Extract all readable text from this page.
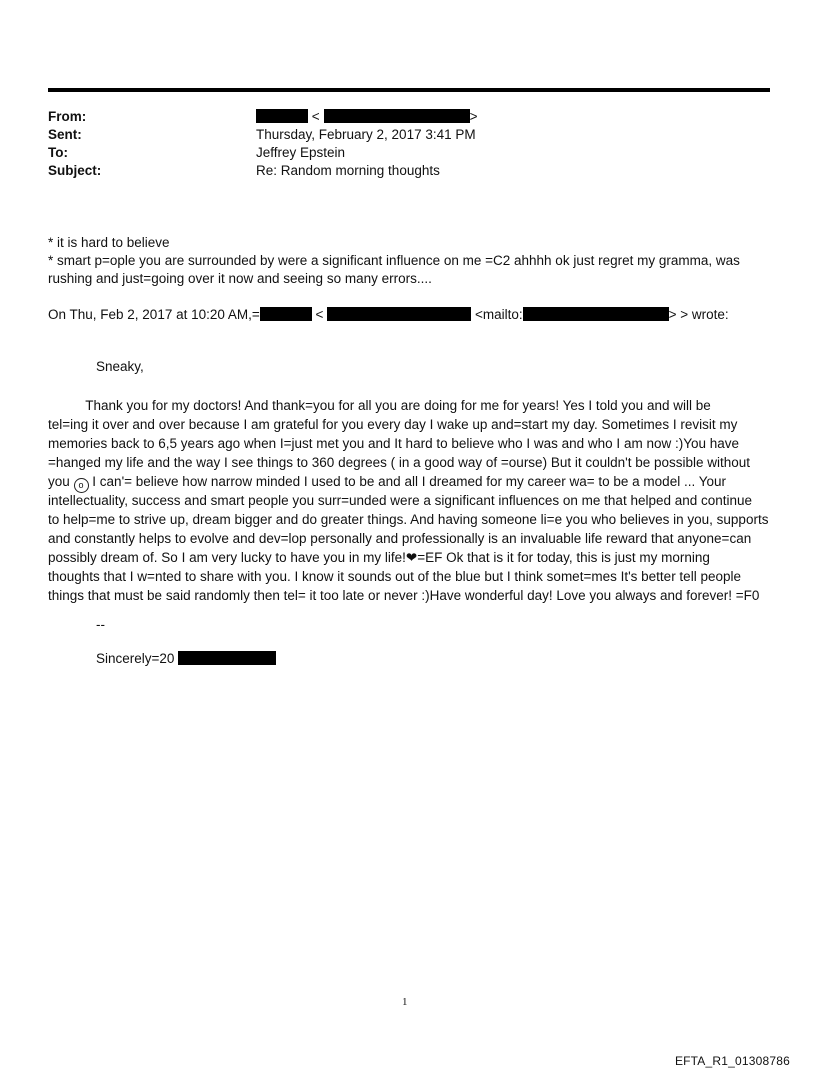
From:	<	>
Sent:	Thursday, February 2, 2017 3:41 PM
To:	Jeffrey Epstein
Subject:	Re: Random morning thoughts
* it is hard to believe
* smart p=ople you are surrounded by were a significant influence on me =C2 ahhhh ok just regret my gramma, was
rushing and just=going over it now and seeing so many errors....
On Thu, Feb 2, 2017 at 10:20 AM,=	<	<mailto:	> > wrote:
Sneaky,
Thank you for my doctors! And thank=you for all you are doing for me for years! Yes I told you and will be
tel=ing it over and over because I am grateful for you every day I wake up and=start my day. Sometimes I revisit my
memories back to 6,5 years ago when I=just met you and It hard to believe who I was and who I am now :)You have
=hanged my life and the way I see things to 360 degrees ( in a good way of =ourse) But it couldn't be possible without
you o I can'= believe how narrow minded I used to be and all I dreamed for my career wa= to be a model ... Your
intellectuality, success and smart people you surr=unded were a significant influences on me that helped and continue
to help=me to strive up, dream bigger and do greater things. And having someone li=e you who believes in you, supports
and constantly helps to evolve and dev=lop personally and professionally is an invaluable life reward that anyone=can
possibly dream of. So I am very lucky to have you in my life!❤=EF Ok that is it for today, this is just my morning
thoughts that I w=nted to share with you. I know it sounds out of the blue but I think somet=mes It's better tell people
things that must be said randomly then tel= it too late or never :)Have wonderful day! Love you always and forever! =F0
--
Sincerely=20
1
EFTA_R1_01308786
